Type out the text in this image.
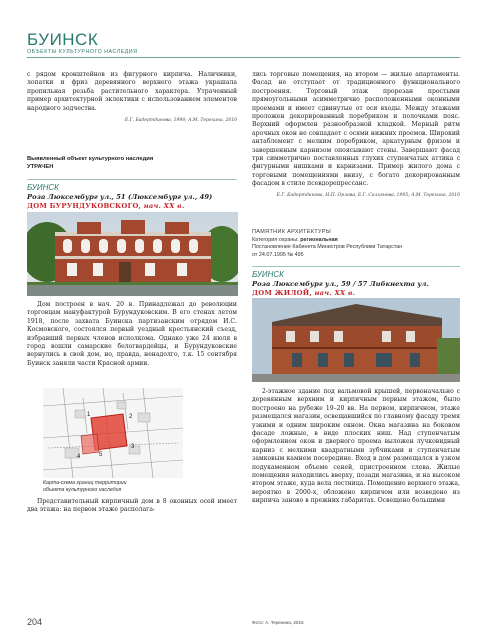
БУИНСК
ОБЪЕКТЫ КУЛЬТУРНОГО НАСЛЕДИЯ

с рядом кронштейнов из фигурного кирпича. Наличники, лопатки и фриз деревянного верхнего этажа украшала пропильная резьба растительного характера. Утраченный пример архитектурной эклектики с использованием элементов народного зодчества.

Е.Г. Бадертдинова, 1998; А.М. Терехина, 2016
Выявленный объект культурного наследия
УТРАЧЕН
БУИНСК
Роза Люксембург ул., 51 (Люксембург ул., 49)
ДОМ БУРУНДУКОВСКОГО, нач. ХХ в.

Дом построен в нач. 20 в. Принадлежал до революции торговцам мануфактурой Бурундуковским. В его стенах летом 1918, после захвата Буинска партизанским отрядом И.С. Космовского, состоялся первый уездный крестьянский съезд, избравший первых членов исполкома. Однако уже 24 июля в город вошли самарские белогвардейцы, и Бурундуковские вернулись в свой дом, но, правда, ненадолго, т.к. 15 сентября Буинск заняли части Красной армии.

1	2
3
4	5
Карта-схема границ территории
объекта культурного наследия

Представительный кирпичный дом в 8 оконных осей имеет два этажа: на первом этаже располага-

лись торговые помещения, на втором — жилые апартаменты. Фасад не отступает от традиционного функционального построения. Торговый этаж прорезан простыми прямоугольными асимметрично расположенными оконными проемами и имеет сдвинутые от оси входы. Между этажами проложен декорированный поребриком и полочками пояс. Верхний оформлен разнообразной кладкой. Мерный ритм арочных окон не совпадает с осями нижних проемов. Широкий антаблемент с мелким поребриком, аркатурным фризом и завершенным карнизом опоясывают стены. Завершают фасад три симметрично поставленных глухих ступенчатых аттика с фигурными нишками и карнизами. Пример жилого дома с торговыми помещениями внизу, с богато декорированным фасадом в стиле псевдорепрессанс.

Е.Г. Бадертдинова, Н.П. Орлова, Е.Г. Сальянова, 1995; А.М. Терехина, 2016
ПАМЯТНИК АРХИТЕКТУРЫ
Категория охраны: региональная
Постановление Кабинета Министров Республики Татарстан
от 24.07.1995 № 495
БУИНСК
Роза Люксембург ул., 59 / 57 Либкнехта ул.
ДОМ ЖИЛОЙ, нач. ХХ в.

2-этажное здание под вальмовой крышей, первоначально с деревянным верхним и кирпичным первым этажом, было построено на рубеже 19–20 вв. На первом, кирпичном, этаже размещался магазин, освещавшийся по главному фасаду тремя узкими и одним широким окном. Окна магазина на боковом фасаде ложные, в виде плоских ниш. Над ступенчатым оформлением окон и дверного проема выложен лучковидный карниз с мелкими квадратными зубчиками и ступенчатым замковым камнем посередине. Вход в дом размещался в узком подукаменном объеме сеней, пристроенном слева. Жилые помещения находились вверху, позади магазина, и на высоком втором этаже, куда вела лестница. Помещение верхнего этажа, вероятно в 2000-х, обложено кирпичом или возведено из кирпича заново в прежних габаритах. Освещено большими

204	Фото: А. Терехина, 2015
